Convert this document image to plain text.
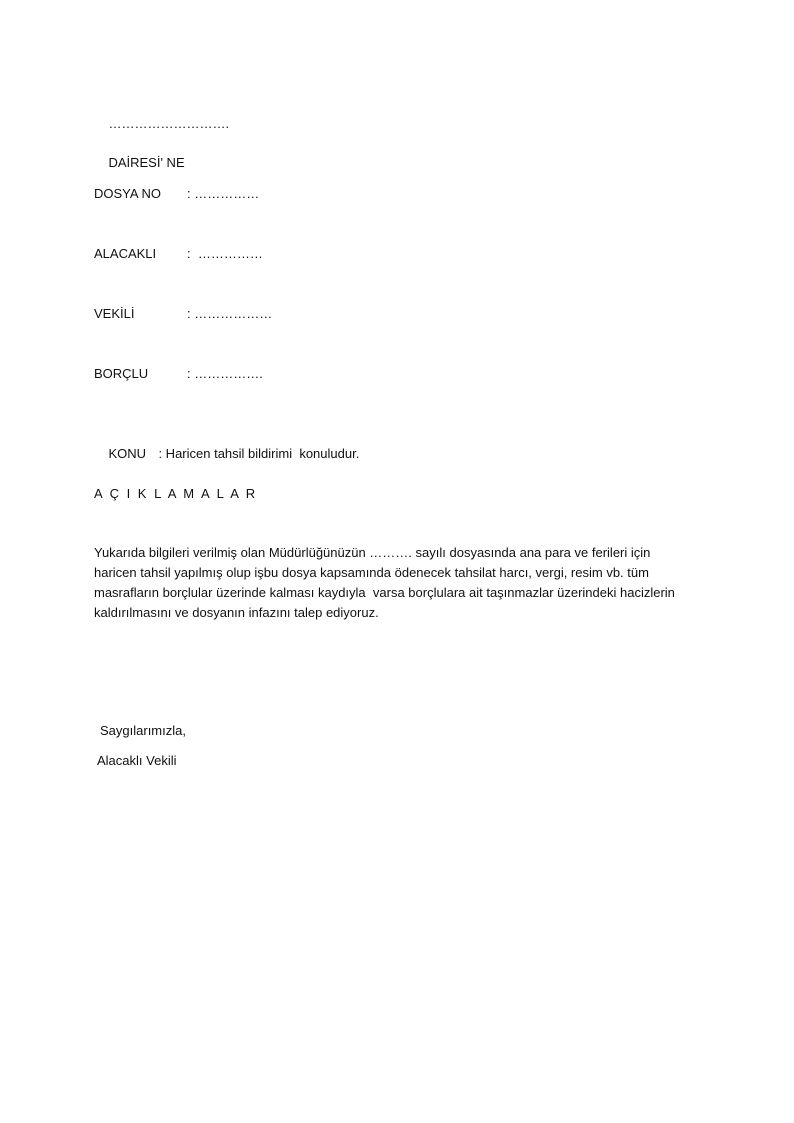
……………………….

DAİRESİ' NE

DOSYA NO

: ……………

ALACAKLI

:  ……………

VEKİLİ

	: ………………

BORÇLU

	: …………….

KONU : Haricen tahsil bildirimi  konuludur.

A Ç I K L A M A L A R
Yukarıda bilgileri verilmiş olan Müdürlüğünüzün ………. sayılı dosyasında ana para ve ferileri için
haricen tahsil yapılmış olup işbu dosya kapsamında ödenecek tahsilat harcı, vergi, resim vb. tüm
masrafların borçlular üzerinde kalması kaydıyla  varsa borçlulara ait taşınmazlar üzerindeki hacizlerin
kaldırılmasını ve dosyanın infazını talep ediyoruz.
Saygılarımızla,
Alacaklı Vekili
